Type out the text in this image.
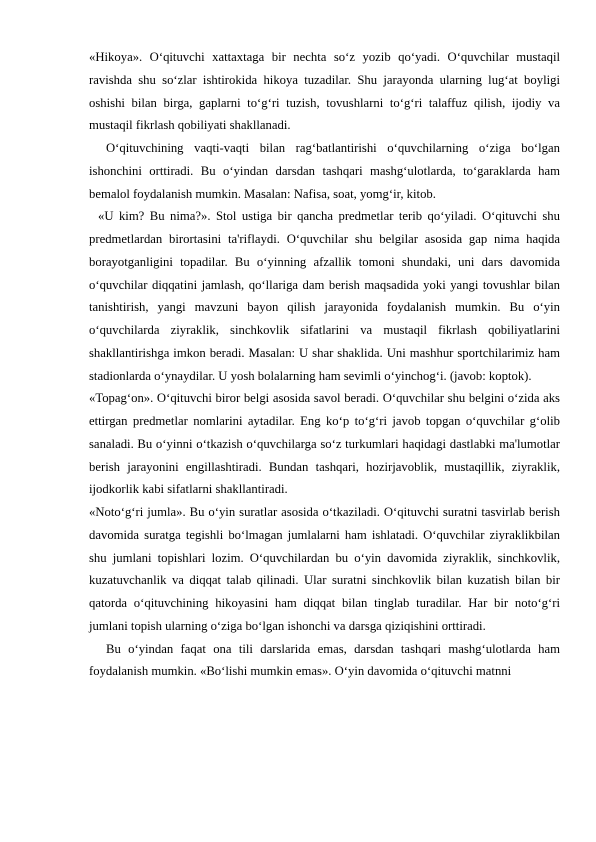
«Hikoya». O‘qituvchi xattaxtaga bir nechta so‘z yozib qo‘yadi. O‘quvchilar mustaqil ravishda shu so‘zlar ishtirokida hikoya tuzadilar. Shu jarayonda ularning lug‘at boyligi oshishi bilan birga, gaplarni to‘g‘ri tuzish, tovushlarni to‘g‘ri talaffuz qilish, ijodiy va mustaqil fikrlash qobiliyati shakllanadi.

O‘qituvchining vaqti-vaqti bilan rag‘batlantirishi o‘quvchilarning o‘ziga bo‘lgan ishonchini orttiradi. Bu o‘yindan darsdan tashqari mashg‘ulotlarda, to‘garaklarda ham bemalol foydalanish mumkin. Masalan: Nafisa, soat, yomg‘ir, kitob.

«U kim? Bu nima?». Stol ustiga bir qancha predmetlar terib qo‘yiladi. O‘qituvchi shu predmetlardan birortasini ta'riflaydi. O‘quvchilar shu belgilar asosida gap nima haqida borayotganligini topadilar. Bu o‘yinning afzallik tomoni shundaki, uni dars davomida o‘quvchilar diqqatini jamlash, qo‘llariga dam berish maqsadida yoki yangi tovushlar bilan tanishtirish, yangi mavzuni bayon qilish jarayonida foydalanish mumkin. Bu o‘yin o‘quvchilarda ziyraklik, sinchkovlik sifatlarini va mustaqil fikrlash qobiliyatlarini shakllantirishga imkon beradi. Masalan: U shar shaklida. Uni mashhur sportchilarimiz ham stadionlarda o‘ynaydilar. U yosh bolalarning ham sevimli o‘yinchog‘i. (javob: koptok).

«Topag‘on». O‘qituvchi biror belgi asosida savol beradi. O‘quvchilar shu belgini o‘zida aks ettirgan predmetlar nomlarini aytadilar. Eng ko‘p to‘g‘ri javob topgan o‘quvchilar g‘olib sanaladi. Bu o‘yinni o‘tkazish o‘quvchilarga so‘z turkumlari haqidagi dastlabki ma'lumotlar berish jarayonini engillashtiradi. Bundan tashqari, hozirjavoblik, mustaqillik, ziyraklik, ijodkorlik kabi sifatlarni shakllantiradi.

«Noto‘g‘ri jumla». Bu o‘yin suratlar asosida o‘tkaziladi. O‘qituvchi suratni tasvirlab berish davomida suratga tegishli bo‘lmagan jumlalarni ham ishlatadi. O‘quvchilar ziyraklikbilan shu jumlani topishlari lozim. O‘quvchilardan bu o‘yin davomida ziyraklik, sinchkovlik, kuzatuvchanlik va diqqat talab qilinadi. Ular suratni sinchkovlik bilan kuzatish bilan bir qatorda o‘qituvchining hikoyasini ham diqqat bilan tinglab turadilar. Har bir noto‘g‘ri jumlani topish ularning o‘ziga bo‘lgan ishonchi va darsga qiziqishini orttiradi.

Bu o‘yindan faqat ona tili darslarida emas, darsdan tashqari mashg‘ulotlarda ham foydalanish mumkin. «Bo‘lishi mumkin emas». O‘yin davomida o‘qituvchi matnni
